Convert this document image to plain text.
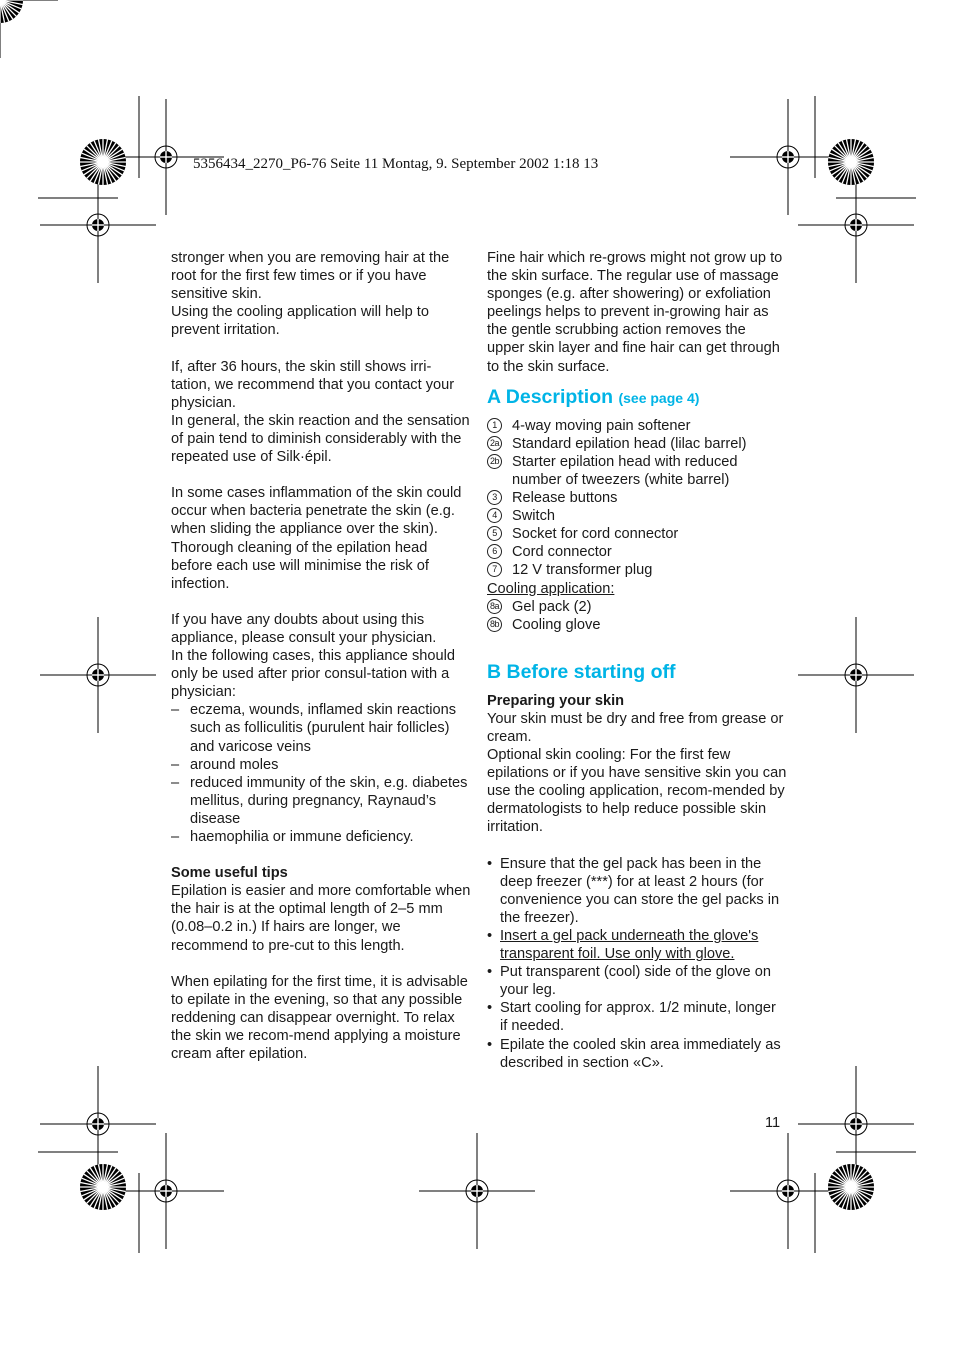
5356434_2270_P6-76 Seite 11 Montag, 9. September 2002 1:18 13

stronger when you are removing hair at the root for the first few times or if you have sensitive skin.

Using the cooling application will help to prevent irritation.

If, after 36 hours, the skin still shows irri-tation, we recommend that you contact your physician.

In general, the skin reaction and the sensation of pain tend to diminish considerably with the repeated use of Silk·épil.

In some cases inflammation of the skin could occur when bacteria penetrate the skin (e.g. when sliding the appliance over the skin). Thorough cleaning of the epilation head before each use will minimise the risk of infection.

If you have any doubts about using this appliance, please consult your physician.

In the following cases, this appliance should only be used after prior consul-tation with a physician:

– eczema, wounds, inflamed skin reactions such as folliculitis (purulent hair follicles) and varicose veins
– around moles
– reduced immunity of the skin, e.g. diabetes mellitus, during pregnancy, Raynaud’s disease
– haemophilia or immune deficiency.

Some useful tips

Epilation is easier and more comfortable when the hair is at the optimal length of 2–5 mm (0.08–0.2 in.) If hairs are longer, we recommend to pre-cut to this length.

When epilating for the first time, it is advisable to epilate in the evening, so that any possible reddening can disappear overnight. To relax the skin we recom-mend applying a moisture cream after epilation.

Fine hair which re-grows might not grow up to the skin surface. The regular use of massage sponges (e.g. after showering) or exfoliation peelings helps to prevent in-growing hair as the gentle scrubbing action removes the upper skin layer and fine hair can get through to the skin surface.

A Description (see page 4)
1	4-way moving pain softener
2a Standard epilation head (lilac barrel)
2b Starter epilation head with reduced number of tweezers (white barrel)
3	Release buttons
4	Switch
5	Socket for cord connector
6	Cord connector
7	12 V transformer plug

Cooling application:

8a Gel pack (2)
8b Cooling glove
B Before starting off

Preparing your skin

Your skin must be dry and free from grease or cream.

Optional skin cooling: For the first few epilations or if you have sensitive skin you can use the cooling application, recom-mended by dermatologists to help reduce possible skin irritation.

• Ensure that the gel pack has been in the deep freezer (***) for at least 2 hours (for convenience you can store the gel packs in the freezer).
• Insert a gel pack underneath the glove's transparent foil. Use only with glove.
• Put transparent (cool) side of the glove on your leg.
• Start cooling for approx. 1/2 minute, longer if needed.
• Epilate the cooled skin area immediately as described in section «C».
11
